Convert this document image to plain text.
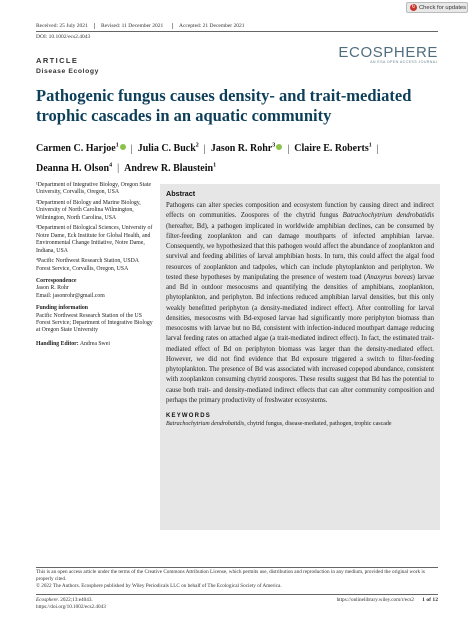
Received: 25 July 2021	Revised: 11 December 2021	Accepted: 21 December 2021
DOI: 10.1002/ecs2.4043
↻ Check for updates
ECOSPHERE
AN ESA OPEN ACCESS JOURNAL
ARTICLE
Disease Ecology
Pathogenic fungus causes density- and trait-mediated trophic cascades in an aquatic community
Carmen C. Harjoe$^1$  |  Julia C. Buck$^2$  |  Jason R. Rohr$^3$  |  Claire E. Roberts$^1$  |
Deanna H. Olson$^4$  |  Andrew R. Blaustein$^1$

¹Department of Integrative Biology, Oregon State University, Corvallis, Oregon, USA

²Department of Biology and Marine Biology, University of North Carolina Wilmington, Wilmington, North Carolina, USA

³Department of Biological Sciences, University of Notre Dame, Eck Institute for Global Health, and Environmental Change Initiative, Notre Dame, Indiana, USA

⁴Pacific Northwest Research Station, USDA Forest Service, Corvallis, Oregon, USA

Correspondence

Jason R. Rohr

Email: jasonrohr@gmail.com

Funding information

Pacific Northwest Research Station of the US Forest Service; Department of Integrative Biology at Oregon State University

Handling Editor: Andrea Swei

Abstract
Pathogens can alter species composition and ecosystem function by causing direct and indirect effects on communities. Zoospores of the chytrid fungus Batrachochytrium dendrobatidis (hereafter, Bd), a pathogen implicated in worldwide amphibian declines, can be consumed by filter-feeding zooplankton and can damage mouthparts of infected amphibian larvae. Consequently, we hypothesized that this pathogen would affect the abundance of zooplankton and survival and feeding abilities of larval amphibian hosts. In turn, this could affect the algal food resources of zooplankton and tadpoles, which can include phytoplankton and periphyton. We tested these hypotheses by manipulating the presence of western toad (Anaxyrus boreas) larvae and Bd in outdoor mesocosms and quantifying the densities of amphibians, zooplankton, phytoplankton, and periphyton. Bd infections reduced amphibian larval densities, but this only weakly benefitted periphyton (a density-mediated indirect effect). After controlling for larval densities, mesocosms with Bd-exposed larvae had significantly more periphyton biomass than mesocosms with larvae but no Bd, consistent with infection-induced mouthpart damage reducing larval feeding rates on attached algae (a trait-mediated indirect effect). In fact, the estimated trait-mediated effect of Bd on periphyton biomass was larger than the density-mediated effect. However, we did not find evidence that Bd exposure triggered a switch to filter-feeding phytoplankton. The presence of Bd was associated with increased copepod abundance, consistent with zooplankton consuming chytrid zoospores. These results suggest that Bd has the potential to cause both trait- and density-mediated indirect effects that can alter community composition and perhaps the primary productivity of freshwater ecosystems.
KEYWORDS
Batrachochytrium dendrobatidis, chytrid fungus, disease-mediated, pathogen, trophic cascade
This is an open access article under the terms of the Creative Commons Attribution License, which permits use, distribution and reproduction in any medium, provided the original work is properly cited.
© 2022 The Authors. Ecosphere published by Wiley Periodicals LLC on behalf of The Ecological Society of America.
Ecosphere. 2022;13:e4043.
https://doi.org/10.1002/ecs2.4043
https://onlinelibrary.wiley.com/r/ecs2 1 of 12
